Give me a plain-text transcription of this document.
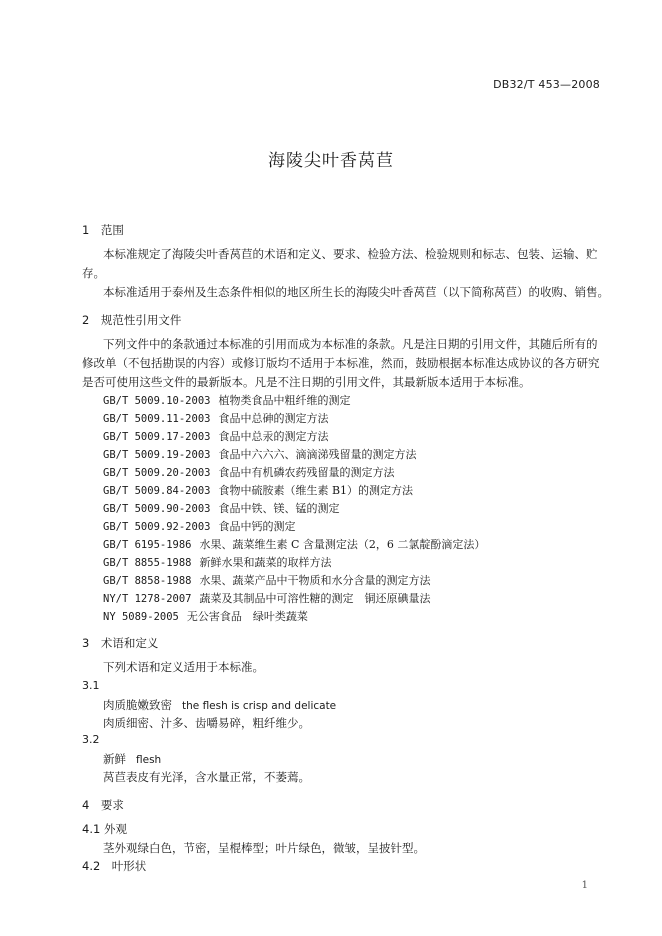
DB32/T 453—2008
海陵尖叶香莴苣
1　范围
本标准规定了海陵尖叶香莴苣的术语和定义、要求、检验方法、检验规则和标志、包装、运输、贮
存。
本标准适用于泰州及生态条件相似的地区所生长的海陵尖叶香莴苣（以下简称莴苣）的收购、销售。
2　规范性引用文件
下列文件中的条款通过本标准的引用而成为本标准的条款。凡是注日期的引用文件，其随后所有的
修改单（不包括勘误的内容）或修订版均不适用于本标准，然而，鼓励根据本标准达成协议的各方研究
是否可使用这些文件的最新版本。凡是不注日期的引用文件，其最新版本适用于本标准。
GB/T 5009.10-2003 植物类食品中粗纤维的测定
GB/T 5009.11-2003 食品中总砷的测定方法
GB/T 5009.17-2003 食品中总汞的测定方法
GB/T 5009.19-2003 食品中六六六、滴滴涕残留量的测定方法
GB/T 5009.20-2003 食品中有机磷农药残留量的测定方法
GB/T 5009.84-2003 食物中硫胺素（维生素 B1）的测定方法
GB/T 5009.90-2003 食品中铁、镁、锰的测定
GB/T 5009.92-2003 食品中钙的测定
GB/T 6195-1986 水果、蔬菜维生素 C 含量测定法（2，6 二氯靛酚滴定法）
GB/T 8855-1988 新鲜水果和蔬菜的取样方法
GB/T 8858-1988 水果、蔬菜产品中干物质和水分含量的测定方法
NY/T 1278-2007 蔬菜及其制品中可溶性糖的测定　铜还原碘量法
NY 5089-2005 无公害食品　绿叶类蔬菜
3　术语和定义
下列术语和定义适用于本标准。
3.1
肉质脆嫩致密 the flesh is crisp and delicate
肉质细密、汁多、齿嚼易碎，粗纤维少。
3.2
新鲜 flesh
莴苣表皮有光泽，含水量正常，不萎蔫。
4　要求
4.1 外观
茎外观绿白色，节密，呈棍棒型；叶片绿色，微皱，呈披针型。
4.2　叶形状
1
